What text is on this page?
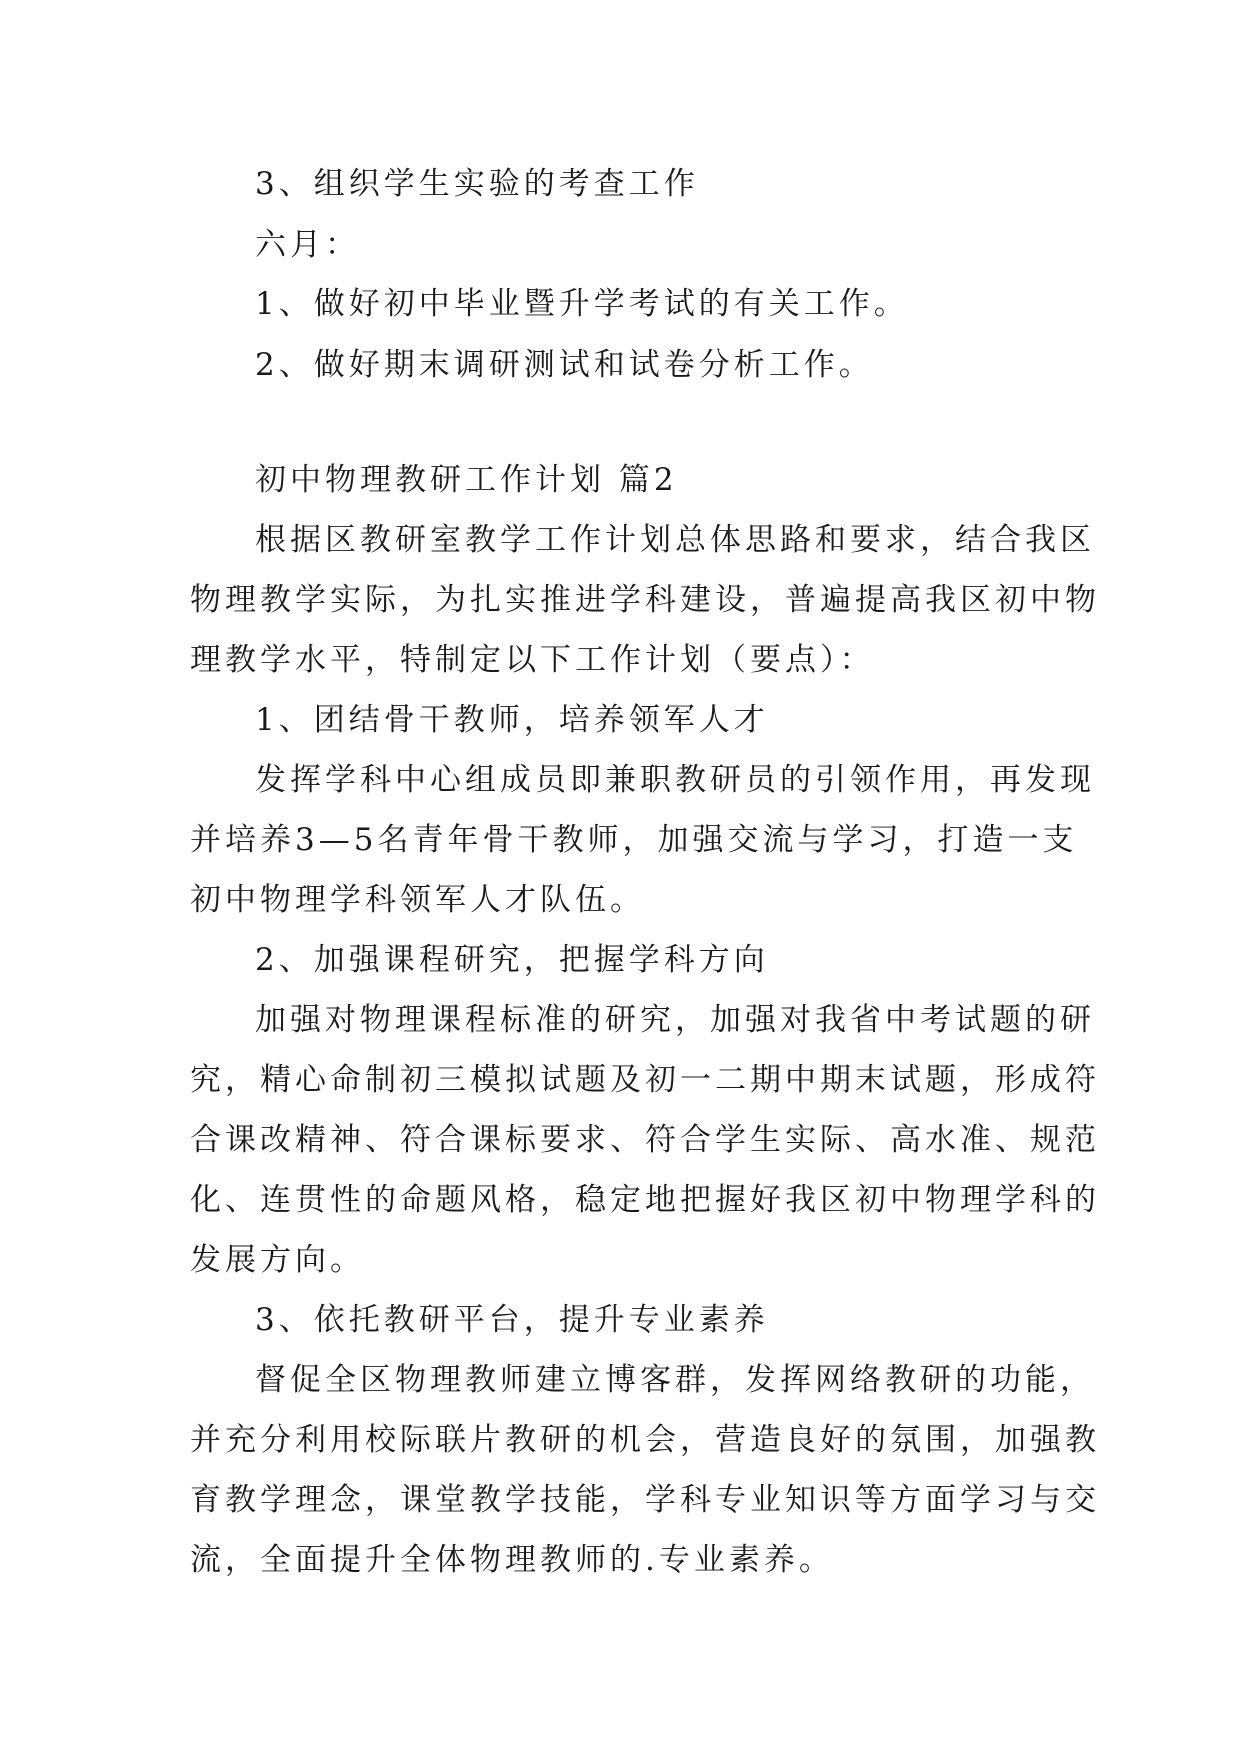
3、组织学生实验的考查工作

六月：

1、做好初中毕业暨升学考试的有关工作。

2、做好期末调研测试和试卷分析工作。

初中物理教研工作计划 篇2

根据区教研室教学工作计划总体思路和要求，结合我区

物理教学实际，为扎实推进学科建设，普遍提高我区初中物

理教学水平，特制定以下工作计划（要点）：

1、团结骨干教师，培养领军人才

发挥学科中心组成员即兼职教研员的引领作用，再发现

并培养3—5名青年骨干教师，加强交流与学习，打造一支

初中物理学科领军人才队伍。

2、加强课程研究，把握学科方向

加强对物理课程标准的研究，加强对我省中考试题的研

究，精心命制初三模拟试题及初一二期中期末试题，形成符

合课改精神、符合课标要求、符合学生实际、高水准、规范

化、连贯性的命题风格，稳定地把握好我区初中物理学科的

发展方向。

3、依托教研平台，提升专业素养

督促全区物理教师建立博客群，发挥网络教研的功能，

并充分利用校际联片教研的机会，营造良好的氛围，加强教

育教学理念，课堂教学技能，学科专业知识等方面学习与交

流，全面提升全体物理教师的.专业素养。
